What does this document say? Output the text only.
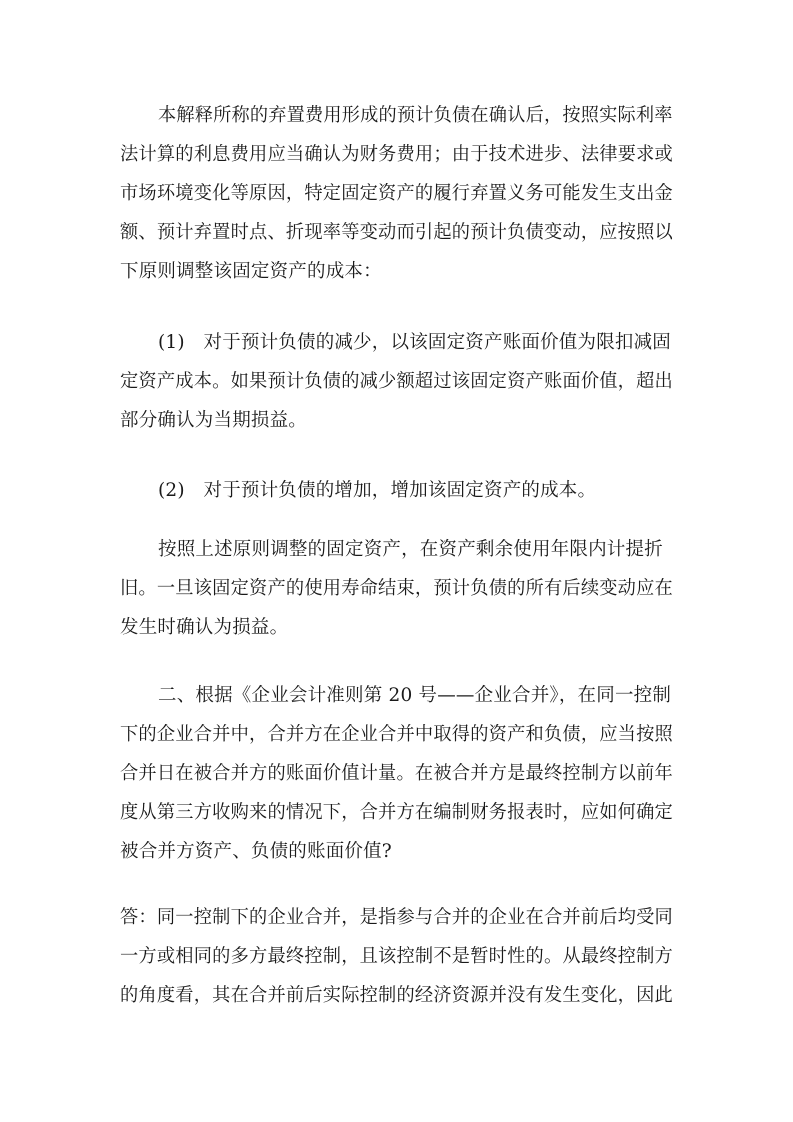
本解释所称的弃置费用形成的预计负债在确认后，按照实际利率
法计算的利息费用应当确认为财务费用；由于技术进步、法律要求或
市场环境变化等原因，特定固定资产的履行弃置义务可能发生支出金
额、预计弃置时点、折现率等变动而引起的预计负债变动，应按照以
下原则调整该固定资产的成本：
(1)　对于预计负债的减少，以该固定资产账面价值为限扣减固
定资产成本。如果预计负债的减少额超过该固定资产账面价值，超出
部分确认为当期损益。
(2)　对于预计负债的增加，增加该固定资产的成本。
按照上述原则调整的固定资产，在资产剩余使用年限内计提折
旧。一旦该固定资产的使用寿命结束，预计负债的所有后续变动应在
发生时确认为损益。
二、根据《企业会计准则第 20 号——企业合并》，在同一控制
下的企业合并中，合并方在企业合并中取得的资产和负债，应当按照
合并日在被合并方的账面价值计量。在被合并方是最终控制方以前年
度从第三方收购来的情况下，合并方在编制财务报表时，应如何确定
被合并方资产、负债的账面价值?
答：同一控制下的企业合并，是指参与合并的企业在合并前后均受同
一方或相同的多方最终控制，且该控制不是暂时性的。从最终控制方
的角度看，其在合并前后实际控制的经济资源并没有发生变化，因此
